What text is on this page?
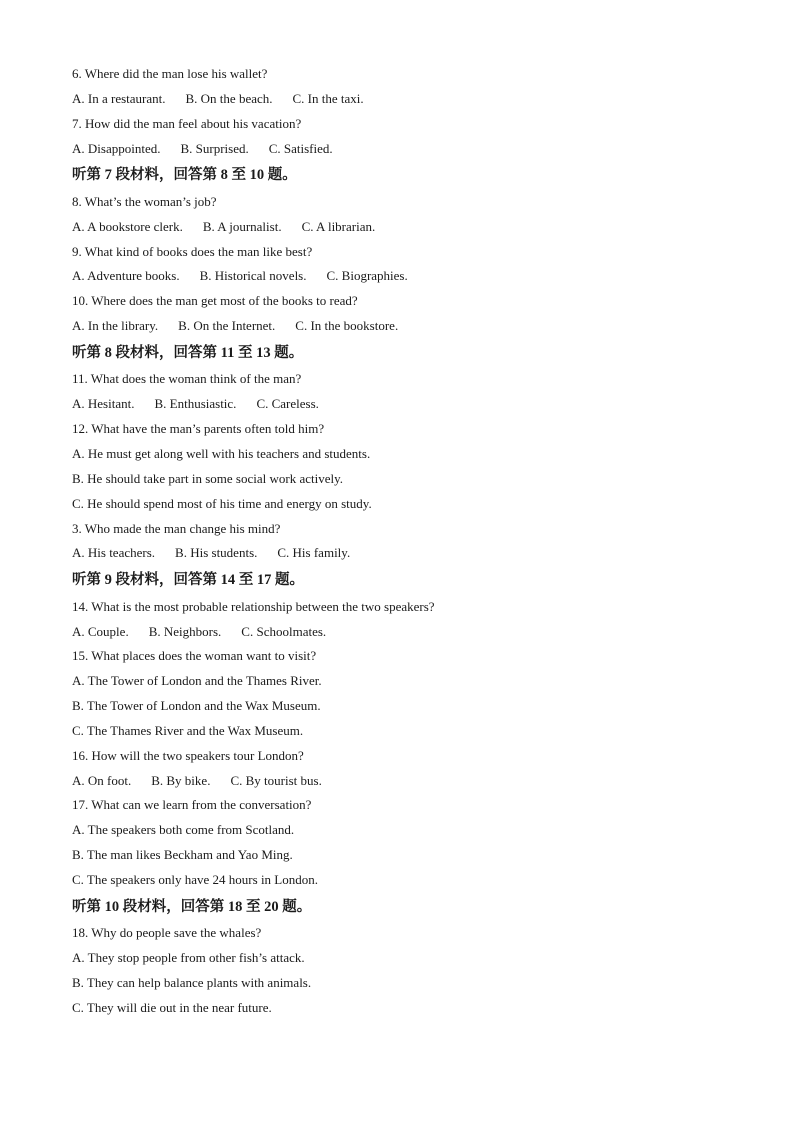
6. Where did the man lose his wallet?
A. In a restaurant. B. On the beach. C. In the taxi.
7. How did the man feel about his vacation?
A. Disappointed. B. Surprised. C. Satisfied.
听第 7 段材料，回答第 8 至 10 题。
8. What’s the woman’s job?
A. A bookstore clerk. B. A journalist. C. A librarian.
9. What kind of books does the man like best?
A. Adventure books. B. Historical novels. C. Biographies.
10. Where does the man get most of the books to read?
A. In the library. B. On the Internet. C. In the bookstore.
听第 8 段材料，回答第 11 至 13 题。
11. What does the woman think of the man?
A. Hesitant. B. Enthusiastic. C. Careless.
12. What have the man’s parents often told him?
A. He must get along well with his teachers and students.
B. He should take part in some social work actively.
C. He should spend most of his time and energy on study.
3. Who made the man change his mind?
A. His teachers. B. His students. C. His family.
听第 9 段材料，回答第 14 至 17 题。
14. What is the most probable relationship between the two speakers?
A. Couple. B. Neighbors. C. Schoolmates.
15. What places does the woman want to visit?
A. The Tower of London and the Thames River.
B. The Tower of London and the Wax Museum.
C. The Thames River and the Wax Museum.
16. How will the two speakers tour London?
A. On foot. B. By bike. C. By tourist bus.
17. What can we learn from the conversation?
A. The speakers both come from Scotland.
B. The man likes Beckham and Yao Ming.
C. The speakers only have 24 hours in London.
听第 10 段材料，回答第 18 至 20 题。
18. Why do people save the whales?
A. They stop people from other fish’s attack.
B. They can help balance plants with animals.
C. They will die out in the near future.
